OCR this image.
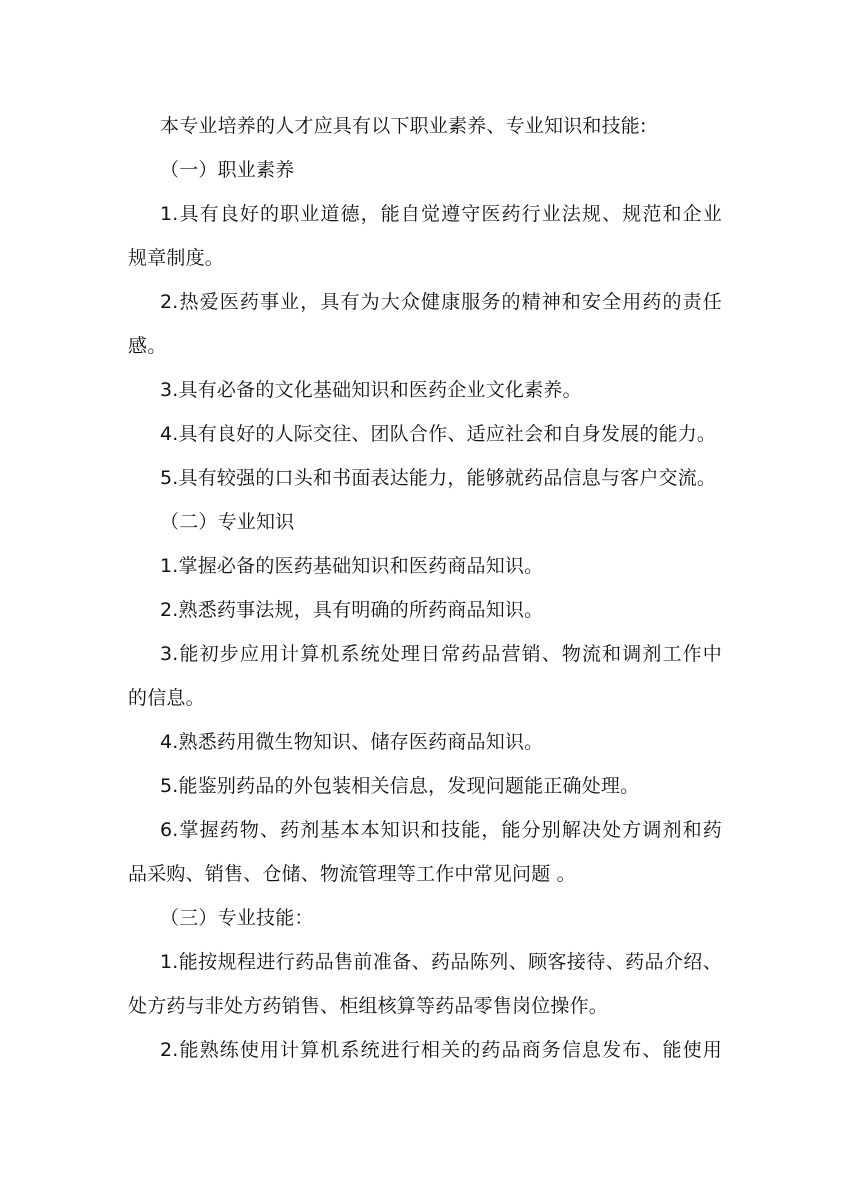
本专业培养的人才应具有以下职业素养、专业知识和技能:
（一）职业素养
1.具有良好的职业道德，能自觉遵守医药行业法规、规范和企业
规章制度。
2.热爱医药事业，具有为大众健康服务的精神和安全用药的责任
感。
3.具有必备的文化基础知识和医药企业文化素养。
4.具有良好的人际交往、团队合作、适应社会和自身发展的能力。
5.具有较强的口头和书面表达能力，能够就药品信息与客户交流。
（二）专业知识
1.掌握必备的医药基础知识和医药商品知识。
2.熟悉药事法规，具有明确的所药商品知识。
3.能初步应用计算机系统处理日常药品营销、物流和调剂工作中
的信息。
4.熟悉药用微生物知识、储存医药商品知识。
5.能鉴别药品的外包装相关信息，发现问题能正确处理。
6.掌握药物、药剂基本本知识和技能，能分别解决处方调剂和药
品采购、销售、仓储、物流管理等工作中常见问题 。
（三）专业技能：
1.能按规程进行药品售前准备、药品陈列、顾客接待、药品介绍、
处方药与非处方药销售、柜组核算等药品零售岗位操作。
2.能熟练使用计算机系统进行相关的药品商务信息发布、能使用
